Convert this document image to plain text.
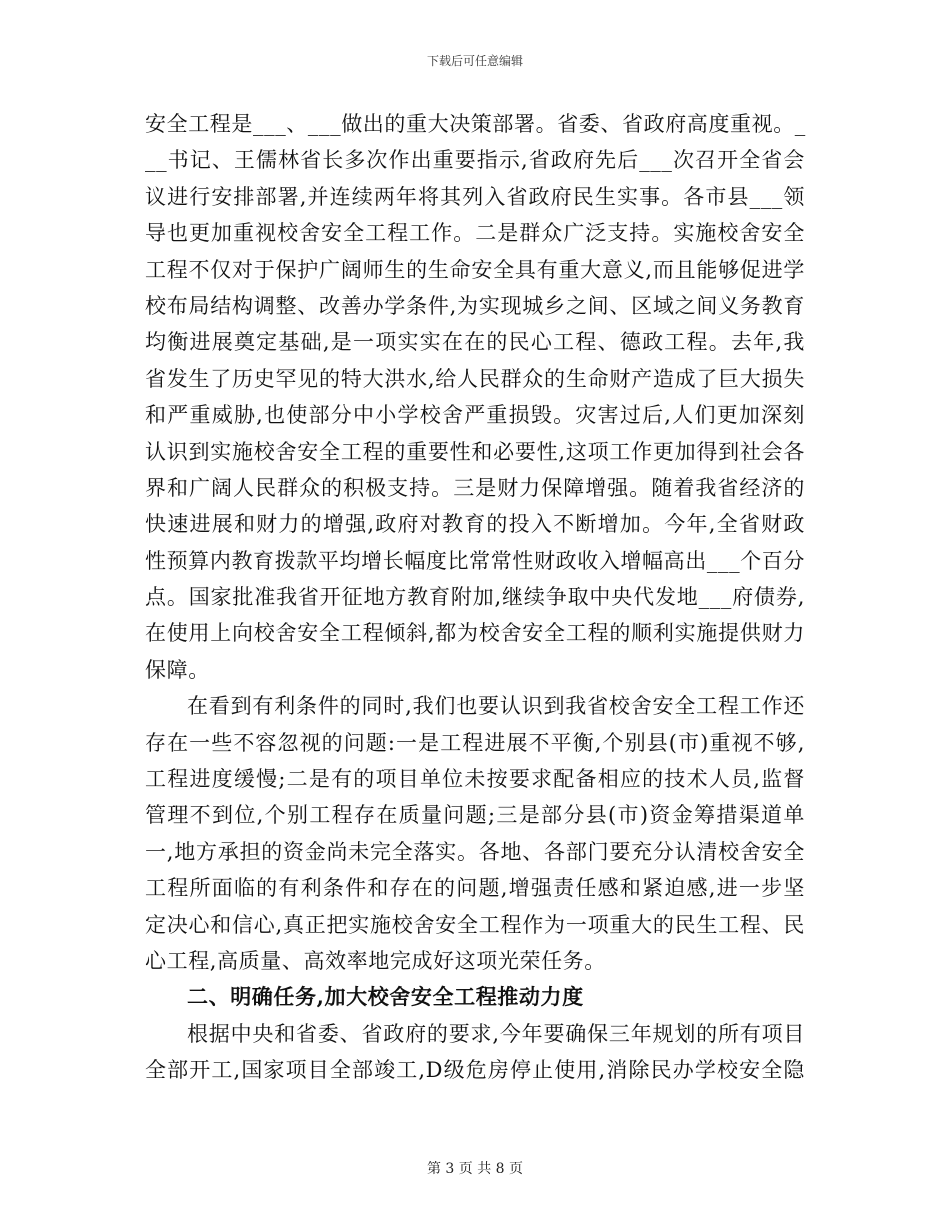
下载后可任意编辑
安全工程是___、___做出的重大决策部署。省委、省政府高度重视。_
__书记、王儒林省长多次作出重要指示,省政府先后___次召开全省会
议进行安排部署,并连续两年将其列入省政府民生实事。各市县___领
导也更加重视校舍安全工程工作。二是群众广泛支持。实施校舍安全
工程不仅对于保护广阔师生的生命安全具有重大意义,而且能够促进学
校布局结构调整、改善办学条件,为实现城乡之间、区域之间义务教育
均衡进展奠定基础,是一项实实在在的民心工程、德政工程。去年,我
省发生了历史罕见的特大洪水,给人民群众的生命财产造成了巨大损失
和严重威胁,也使部分中小学校舍严重损毁。灾害过后,人们更加深刻
认识到实施校舍安全工程的重要性和必要性,这项工作更加得到社会各
界和广阔人民群众的积极支持。三是财力保障增强。随着我省经济的
快速进展和财力的增强,政府对教育的投入不断增加。今年,全省财政
性预算内教育拨款平均增长幅度比常常性财政收入增幅高出___个百分
点。国家批准我省开征地方教育附加,继续争取中央代发地___府债券,
在使用上向校舍安全工程倾斜,都为校舍安全工程的顺利实施提供财力
保障。
在看到有利条件的同时,我们也要认识到我省校舍安全工程工作还
存在一些不容忽视的问题:一是工程进展不平衡,个别县(市)重视不够,
工程进度缓慢;二是有的项目单位未按要求配备相应的技术人员,监督
管理不到位,个别工程存在质量问题;三是部分县(市)资金筹措渠道单
一,地方承担的资金尚未完全落实。各地、各部门要充分认清校舍安全
工程所面临的有利条件和存在的问题,增强责任感和紧迫感,进一步坚
定决心和信心,真正把实施校舍安全工程作为一项重大的民生工程、民
心工程,高质量、高效率地完成好这项光荣任务。
二、明确任务,加大校舍安全工程推动力度
根据中央和省委、省政府的要求,今年要确保三年规划的所有项目
全部开工,国家项目全部竣工,D级危房停止使用,消除民办学校安全隐
第 3 页 共 8 页
